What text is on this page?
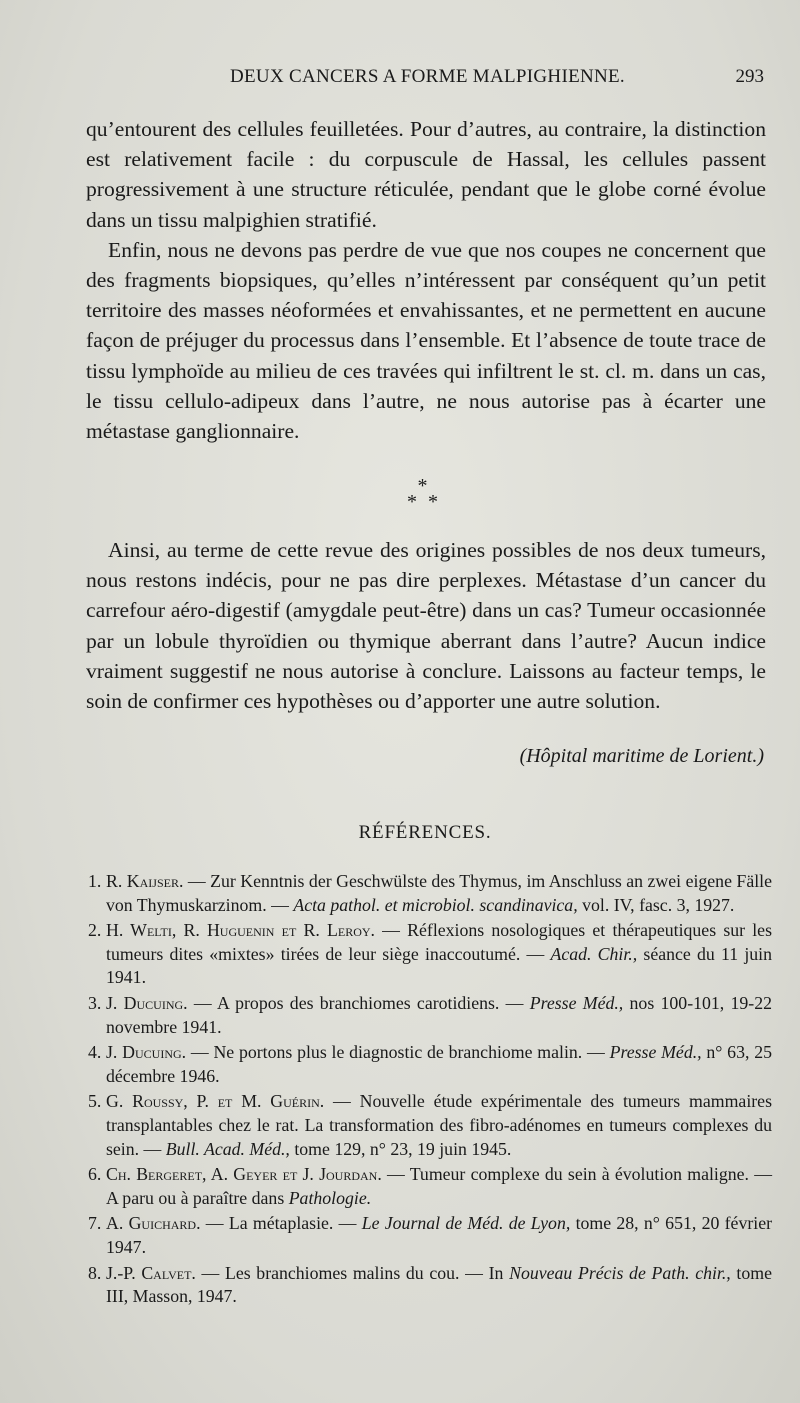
DEUX CANCERS A FORME MALPIGHIENNE.	293

qu’entourent des cellules feuilletées. Pour d’autres, au contraire, la distinction est relativement facile : du corpuscule de Hassal, les cellules passent progressivement à une structure réticulée, pendant que le globe corné évolue dans un tissu malpighien stratifié.

Enfin, nous ne devons pas perdre de vue que nos coupes ne concernent que des fragments biopsiques, qu’elles n’intéressent par conséquent qu’un petit territoire des masses néoformées et envahissantes, et ne permettent en aucune façon de préjuger du processus dans l’ensemble. Et l’absence de toute trace de tissu lymphoïde au milieu de ces travées qui infiltrent le st. cl. m. dans un cas, le tissu cellulo-adipeux dans l’autre, ne nous autorise pas à écarter une métastase ganglionnaire.

*
* *

Ainsi, au terme de cette revue des origines possibles de nos deux tumeurs, nous restons indécis, pour ne pas dire perplexes. Métastase d’un cancer du carrefour aéro-digestif (amygdale peut-être) dans un cas? Tumeur occasionnée par un lobule thyroïdien ou thymique aberrant dans l’autre? Aucun indice vraiment suggestif ne nous autorise à conclure. Laissons au facteur temps, le soin de confirmer ces hypothèses ou d’apporter une autre solution.

(Hôpital maritime de Lorient.)
RÉFÉRENCES.
1. R. Kaijser. — Zur Kenntnis der Geschwülste des Thymus, im Anschluss an zwei eigene Fälle von Thymuskarzinom. — Acta pathol. et microbiol. scandinavica, vol. IV, fasc. 3, 1927.
2. H. Welti, R. Huguenin et R. Leroy. — Réflexions nosologiques et thérapeutiques sur les tumeurs dites «mixtes» tirées de leur siège inaccoutumé. — Acad. Chir., séance du 11 juin 1941.
3. J. Ducuing. — A propos des branchiomes carotidiens. — Presse Méd., nos 100-101, 19-22 novembre 1941.
4. J. Ducuing. — Ne portons plus le diagnostic de branchiome malin. — Presse Méd., n° 63, 25 décembre 1946.
5. G. Roussy, P. et M. Guérin. — Nouvelle étude expérimentale des tumeurs mammaires transplantables chez le rat. La transformation des fibro-adénomes en tumeurs complexes du sein. — Bull. Acad. Méd., tome 129, n° 23, 19 juin 1945.
6. Ch. Bergeret, A. Geyer et J. Jourdan. — Tumeur complexe du sein à évolution maligne. — A paru ou à paraître dans Pathologie.
7. A. Guichard. — La métaplasie. — Le Journal de Méd. de Lyon, tome 28, n° 651, 20 février 1947.
8. J.-P. Calvet. — Les branchiomes malins du cou. — In Nouveau Précis de Path. chir., tome III, Masson, 1947.
